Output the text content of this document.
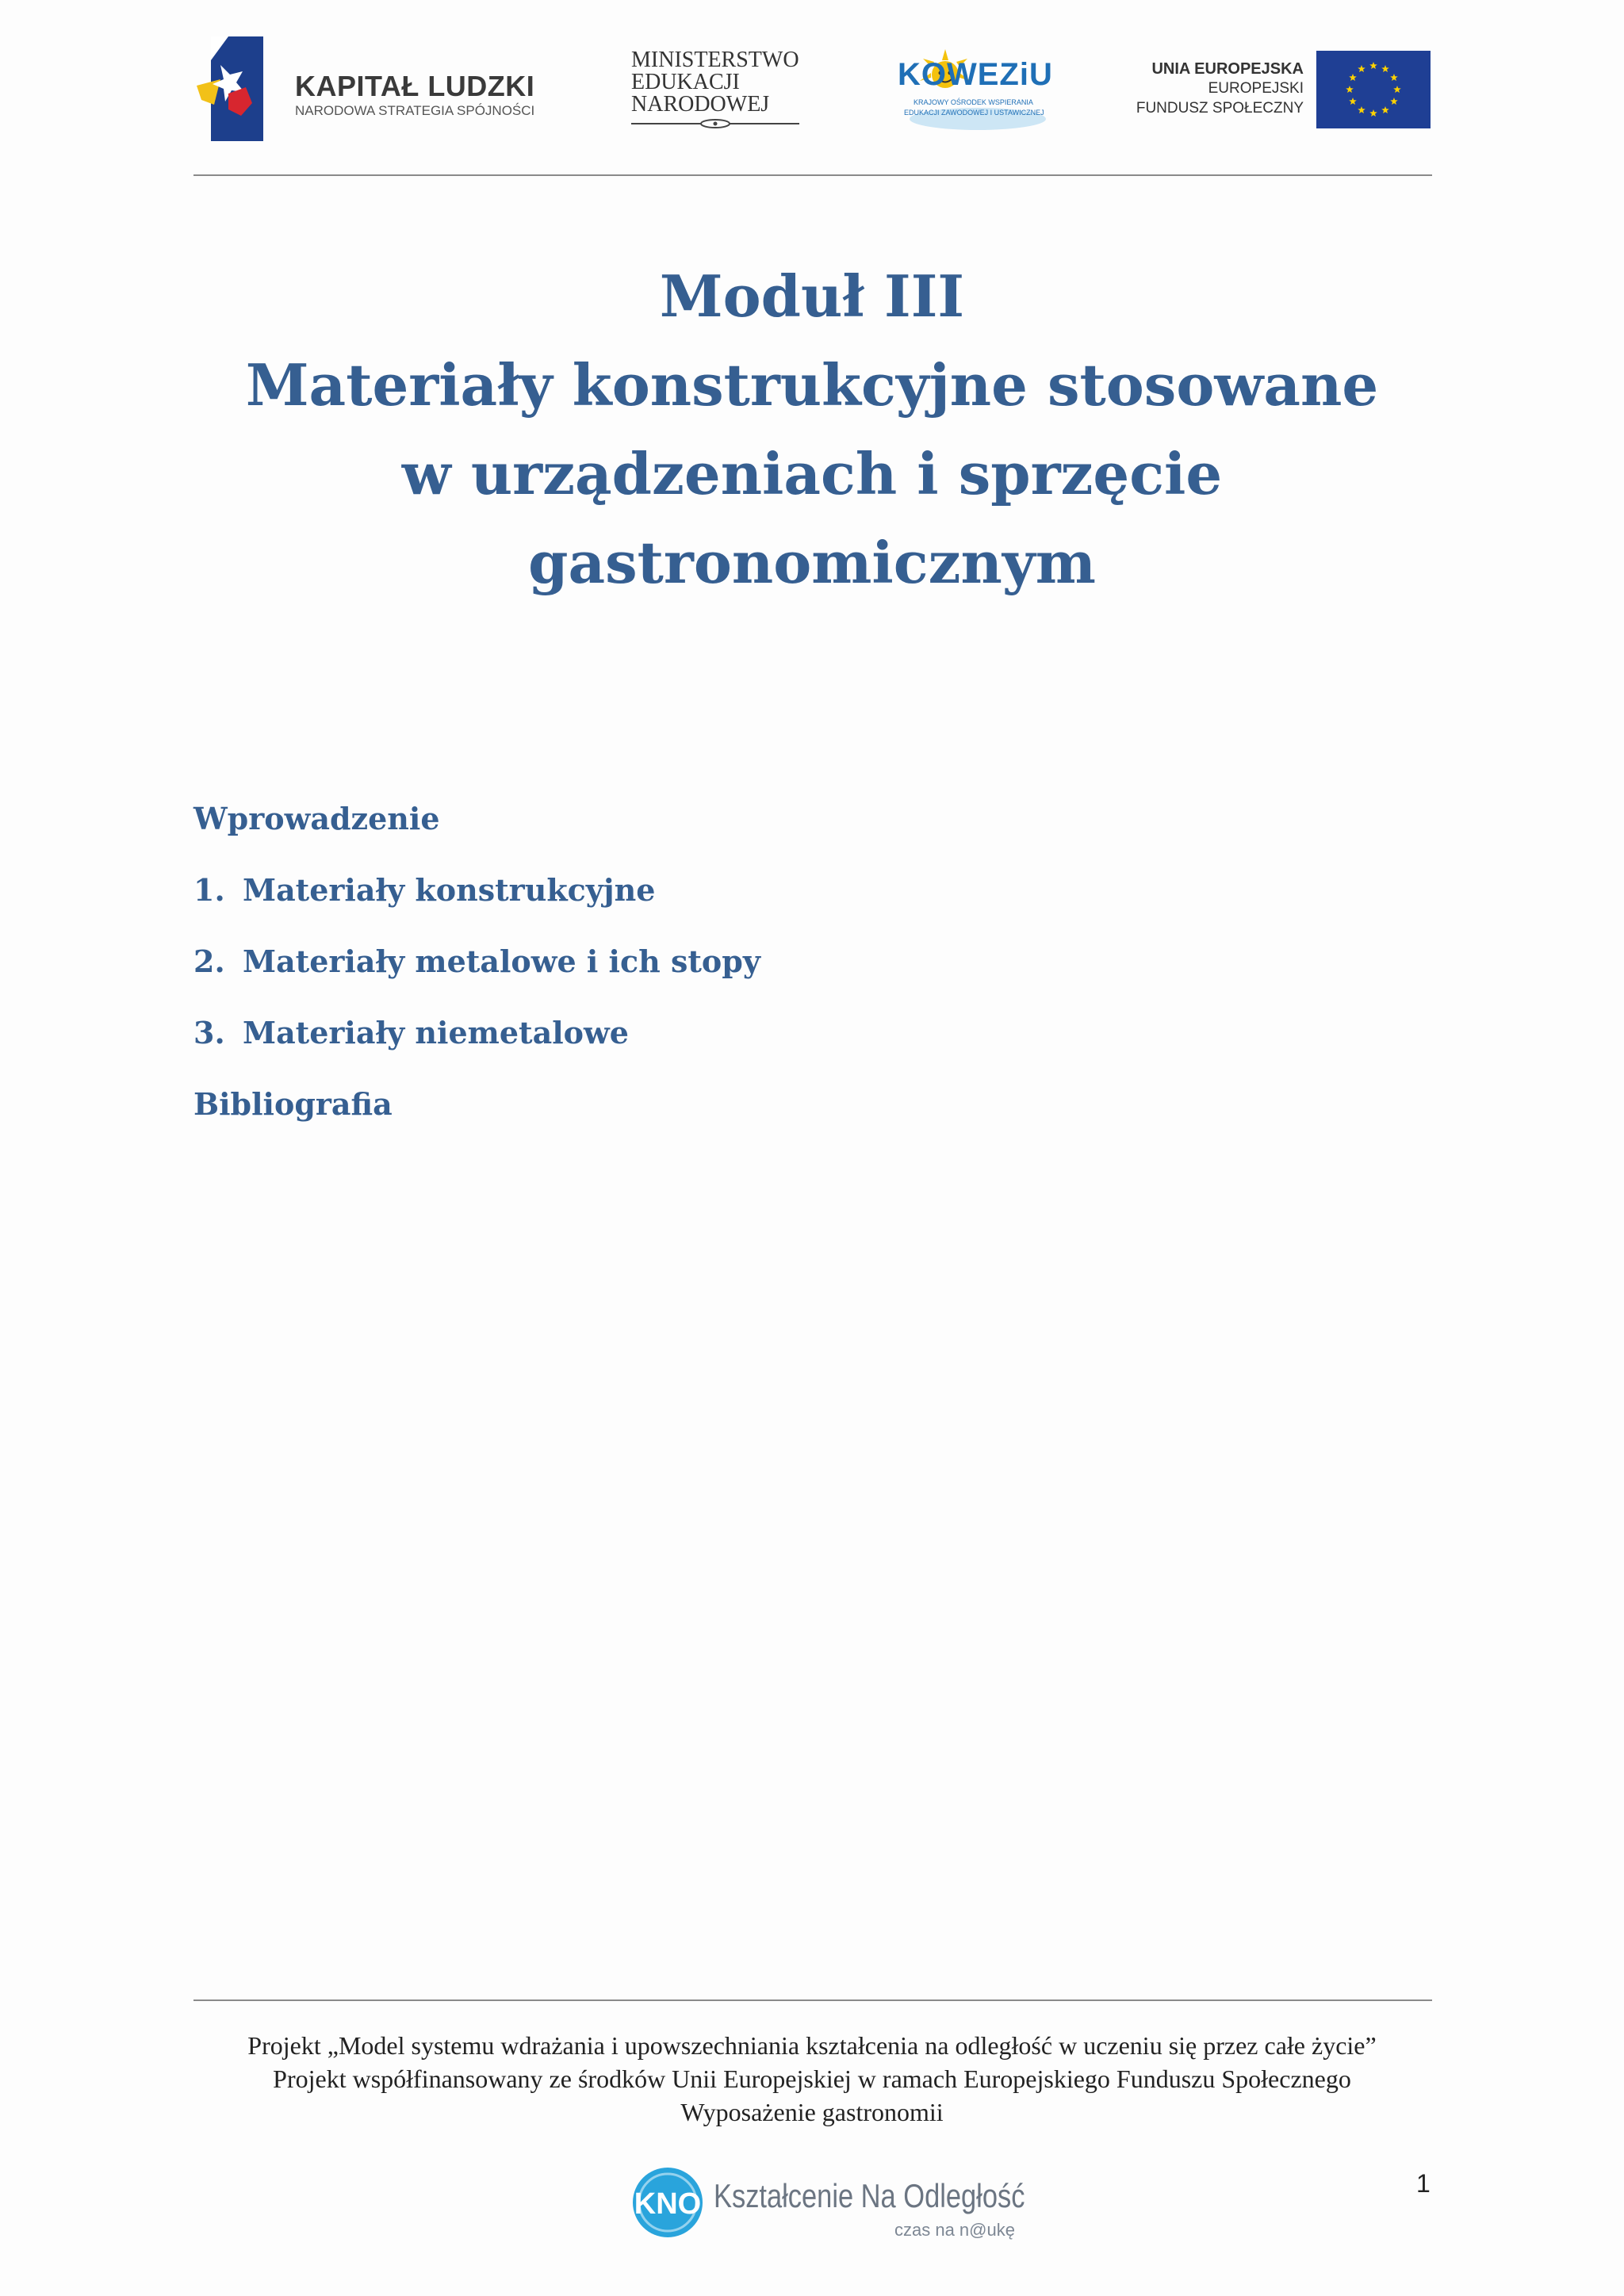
KAPITAŁ LUDZKI
NARODOWA STRATEGIA SPÓJNOŚCI
MINISTERSTWO
EDUKACJI
NARODOWEJ
KOWEZiU
KRAJOWY OŚRODEK WSPIERANIA
EDUKACJI ZAWODOWEJ I USTAWICZNEJ
UNIA EUROPEJSKA
EUROPEJSKI
FUNDUSZ SPOŁECZNY
Moduł III
Materiały konstrukcyjne stosowane
w urządzeniach i sprzęcie
gastronomicznym
Wprowadzenie
1. Materiały konstrukcyjne
2. Materiały metalowe i ich stopy
3. Materiały niemetalowe
Bibliografia
Projekt „Model systemu wdrażania i upowszechniania kształcenia na odległość w uczeniu się przez całe życie”
Projekt współfinansowany ze środków Unii Europejskiej w ramach Europejskiego Funduszu Społecznego
Wyposażenie gastronomii
KNO Kształcenie Na Odległość
czas na n@ukę
1
